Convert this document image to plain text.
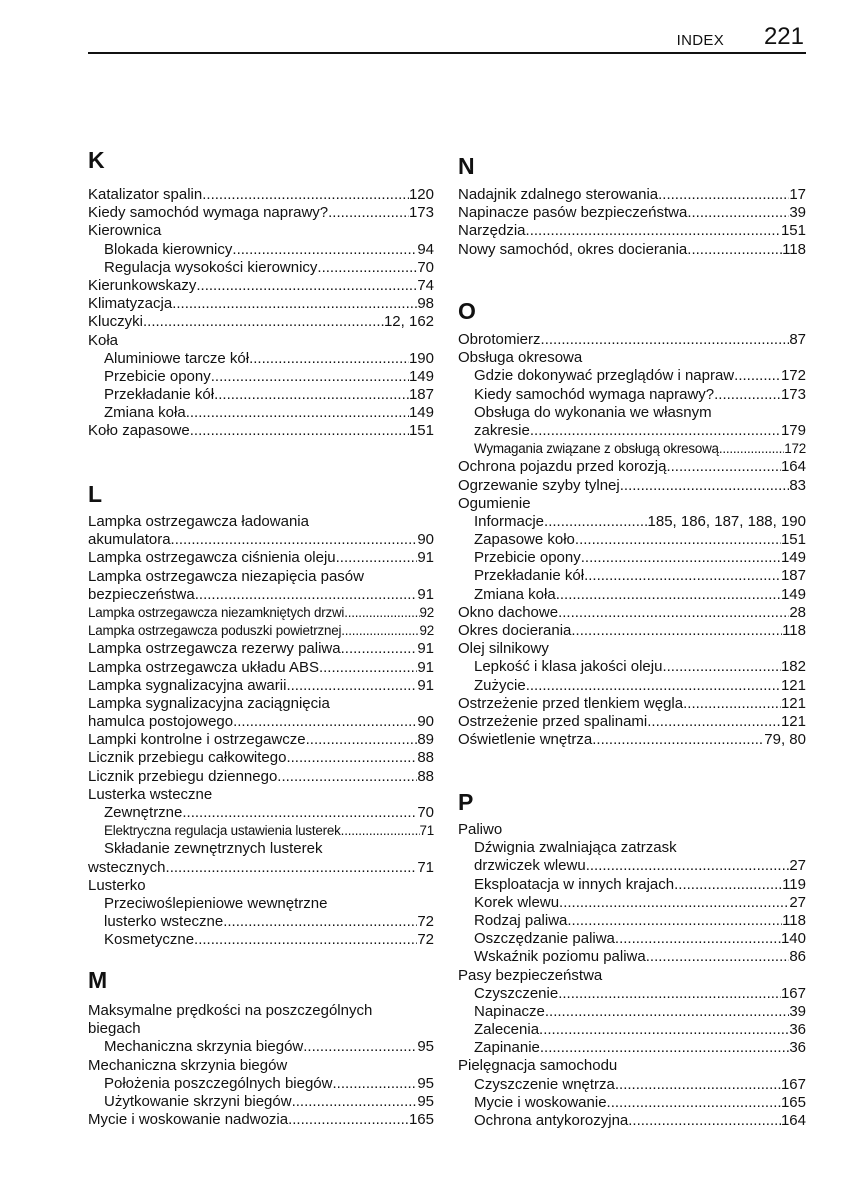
INDEX 221
K
Katalizator spalin .....	120
Kiedy samochód wymaga naprawy? .....	173
Kierownica
Blokada kierownicy .....	94
Regulacja wysokości kierownicy .....	70
Kierunkowskazy .....	74
Klimatyzacja .....	98
Kluczyki .....	12, 162
Koła
Aluminiowe tarcze kół .....	190
Przebicie opony .....	149
Przekładanie kół .....	187
Zmiana koła .....	149
Koło zapasowe .....	151
L
Lampka ostrzegawcza ładowania
akumulatora .....	90
Lampka ostrzegawcza ciśnienia oleju .....	91
Lampka ostrzegawcza niezapięcia pasów
bezpieczeństwa .....	91
Lampka ostrzegawcza niezamkniętych drzwi .....	92
Lampka ostrzegawcza poduszki powietrznej .....	92
Lampka ostrzegawcza rezerwy paliwa .....	91
Lampka ostrzegawcza układu ABS .....	91
Lampka sygnalizacyjna awarii .....	91
Lampka sygnalizacyjna zaciągnięcia
hamulca postojowego .....	90
Lampki kontrolne i ostrzegawcze .....	89
Licznik przebiegu całkowitego .....	88
Licznik przebiegu dziennego .....	88
Lusterka wsteczne
Zewnętrzne .....	70
Elektryczna regulacja ustawienia lusterek .....	71
Składanie zewnętrznych lusterek
wstecznych .....	71
Lusterko
Przeciwoślepieniowe wewnętrzne
lusterko wsteczne .....	72
Kosmetyczne .....	72
M
Maksymalne prędkości na poszczególnych
biegach
Mechaniczna skrzynia biegów .....	95
Mechaniczna skrzynia biegów
Położenia poszczególnych biegów .....	95
Użytkowanie skrzyni biegów .....	95
Mycie i woskowanie nadwozia .....	165
N
Nadajnik zdalnego sterowania .....	17
Napinacze pasów bezpieczeństwa .....	39
Narzędzia .....	151
Nowy samochód, okres docierania .....	118
O
Obrotomierz .....	87
Obsługa okresowa
Gdzie dokonywać przeglądów i napraw .....	172
Kiedy samochód wymaga naprawy? .....	173
Obsługa do wykonania we własnym
zakresie .....	179
Wymagania związane z obsługą okresową .....	172
Ochrona pojazdu przed korozją .....	164
Ogrzewanie szyby tylnej .....	83
Ogumienie
Informacje .....	185, 186, 187, 188, 190
Zapasowe koło .....	151
Przebicie opony .....	149
Przekładanie kół .....	187
Zmiana koła .....	149
Okno dachowe .....	28
Okres docierania .....	118
Olej silnikowy
Lepkość i klasa jakości oleju .....	182
Zużycie .....	121
Ostrzeżenie przed tlenkiem węgla .....	121
Ostrzeżenie przed spalinami .....	121
Oświetlenie wnętrza .....	79, 80
P
Paliwo
Dźwignia zwalniająca zatrzask
drzwiczek wlewu .....	27
Eksploatacja w innych krajach .....	119
Korek wlewu .....	27
Rodzaj paliwa .....	118
Oszczędzanie paliwa .....	140
Wskaźnik poziomu paliwa .....	86
Pasy bezpieczeństwa
Czyszczenie .....	167
Napinacze .....	39
Zalecenia .....	36
Zapinanie .....	36
Pielęgnacja samochodu
Czyszczenie wnętrza .....	167
Mycie i woskowanie .....	165
Ochrona antykorozyjna .....	164
